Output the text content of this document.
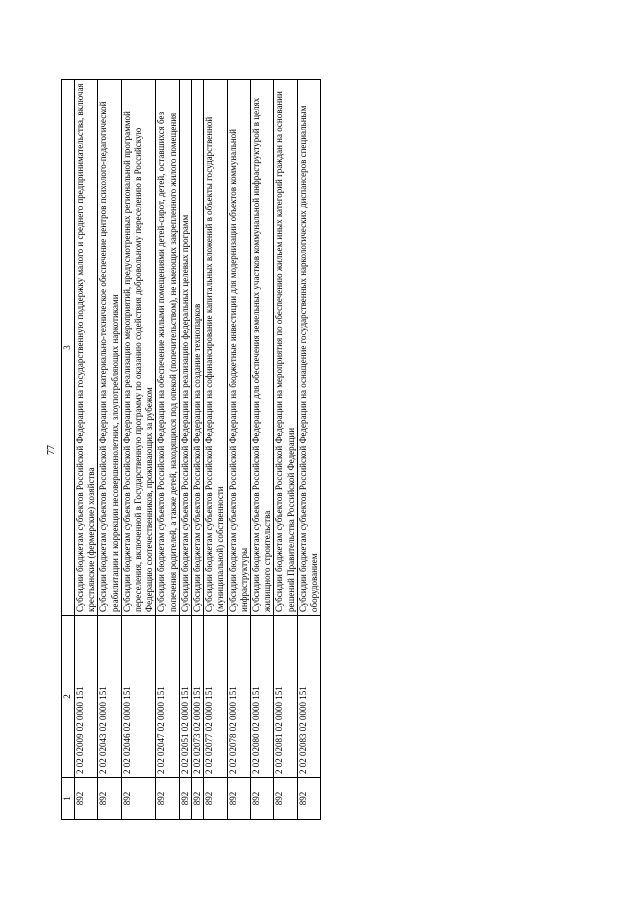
77
1	2	3
892	2 02 02009 02 0000 151	Субсидии бюджетам субъектов Российской Федерации на государственную поддержку малого и среднего предпринимательства, включая крестьянские (фермерские) хозяйства
892	2 02 02043 02 0000 151	Субсидии бюджетам субъектов Российской Федерации на материально-техническое обеспечение центров психолого-педагогической реабилитации и коррекции несовершеннолетних, злоупотребляющих наркотиками
892	2 02 02046 02 0000 151	Субсидии бюджетам субъектов Российской Федерации на реализацию мероприятий, предусмотренных региональной программой переселения, включенной в Государственную программу по оказанию содействия добровольному переселению в Российскую Федерацию соотечественников, проживающих за рубежом
892	2 02 02047 02 0000 151	Субсидии бюджетам субъектов Российской Федерации на обеспечение жилыми помещениями детей-сирот, детей, оставшихся без попечения родителей, а также детей, находящихся под опекой (попечительством), не имеющих закрепленного жилого помещения
892	2 02 02051 02 0000 151	Субсидии бюджетам субъектов Российской Федерации на реализацию федеральных целевых программ
892	2 02 02073 02 0000 151	Субсидии бюджетам субъектов Российской Федерации на создание технопарков
892	2 02 02077 02 0000 151	Субсидии бюджетам субъектов Российской Федерации на софинансирование капитальных вложений в объекты государственной (муниципальной) собственности
892	2 02 02078 02 0000 151	Субсидии бюджетам субъектов Российской Федерации на бюджетные инвестиции для модернизации объектов коммунальной инфраструктуры
892	2 02 02080 02 0000 151	Субсидии бюджетам субъектов Российской Федерации для обеспечения земельных участков коммунальной инфраструктурой в целях жилищного строительства
892	2 02 02081 02 0000 151	Субсидии бюджетам субъектов Российской Федерации на мероприятия по обеспечению жильем иных категорий граждан на основании решений Правительства Российской Федерации
892	2 02 02083 02 0000 151	Субсидии бюджетам субъектов Российской Федерации на оснащение государственных наркологических диспансеров специальным оборудованием
